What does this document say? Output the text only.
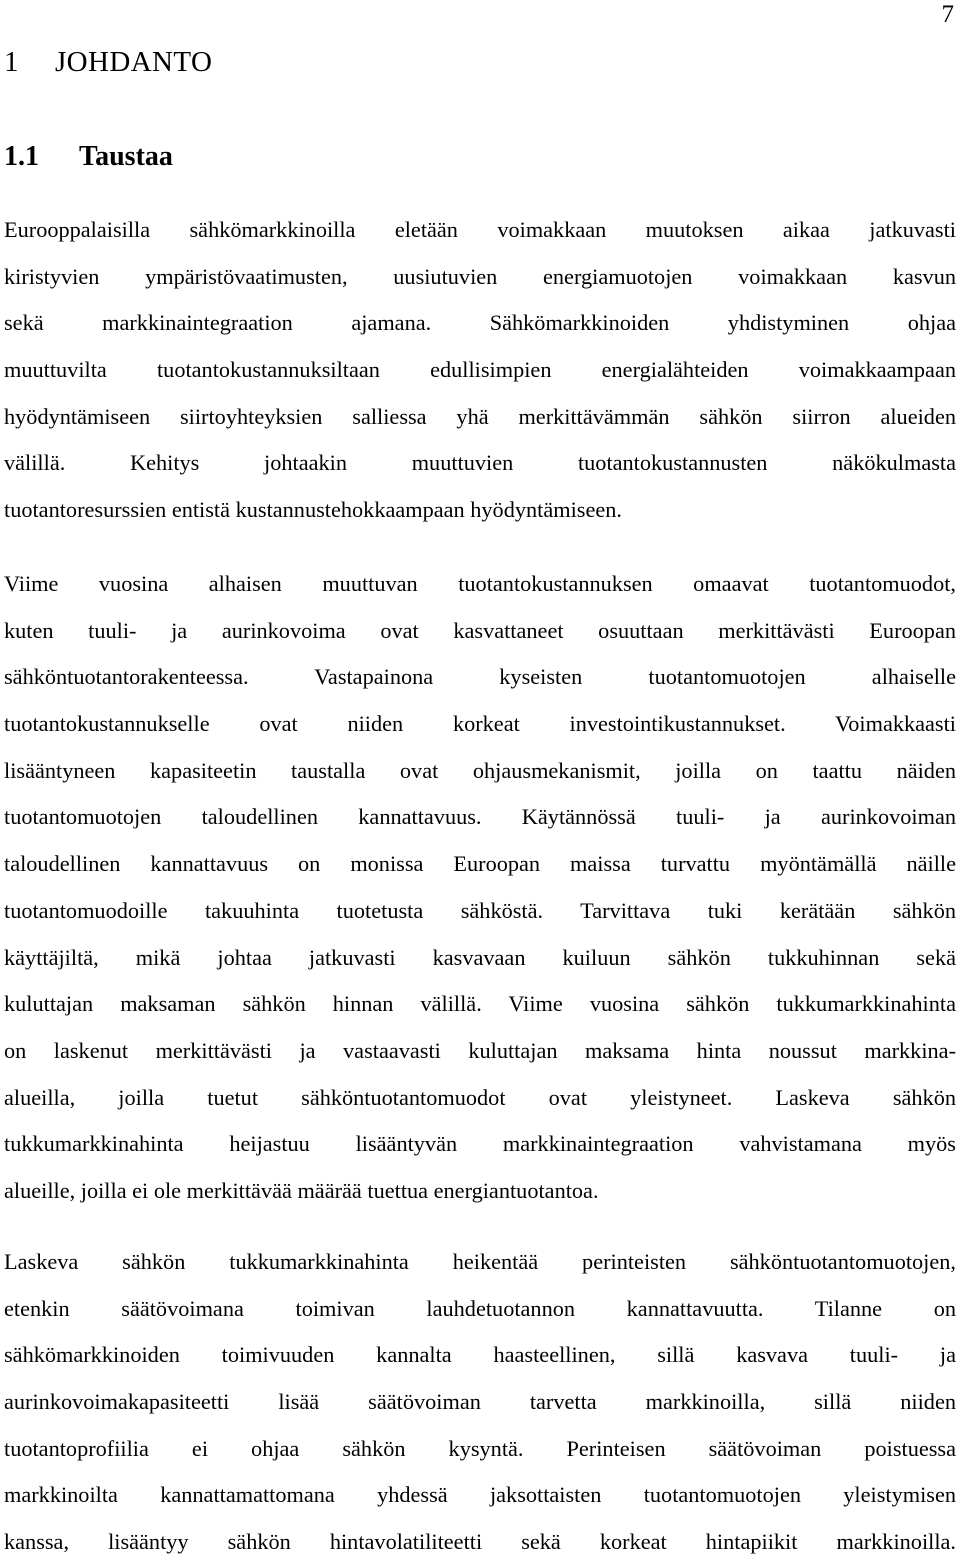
7
1 JOHDANTO
1.1 Taustaa
Eurooppalaisilla sähkömarkkinoilla eletään voimakkaan muutoksen aikaa jatkuvasti
kiristyvien ympäristövaatimusten, uusiutuvien energiamuotojen voimakkaan kasvun
sekä markkinaintegraation ajamana. Sähkömarkkinoiden yhdistyminen ohjaa
muuttuvilta tuotantokustannuksiltaan edullisimpien energialähteiden voimakkaampaan
hyödyntämiseen siirtoyhteyksien salliessa yhä merkittävämmän sähkön siirron alueiden
välillä. Kehitys johtaakin muuttuvien tuotantokustannusten näkökulmasta
tuotantoresurssien entistä kustannustehokkaampaan hyödyntämiseen.
Viime vuosina alhaisen muuttuvan tuotantokustannuksen omaavat tuotantomuodot,
kuten tuuli- ja aurinkovoima ovat kasvattaneet osuuttaan merkittävästi Euroopan
sähköntuotantorakenteessa. Vastapainona kyseisten tuotantomuotojen alhaiselle
tuotantokustannukselle ovat niiden korkeat investointikustannukset. Voimakkaasti
lisääntyneen kapasiteetin taustalla ovat ohjausmekanismit, joilla on taattu näiden
tuotantomuotojen taloudellinen kannattavuus. Käytännössä tuuli- ja aurinkovoiman
taloudellinen kannattavuus on monissa Euroopan maissa turvattu myöntämällä näille
tuotantomuodoille takuuhinta tuotetusta sähköstä. Tarvittava tuki kerätään sähkön
käyttäjiltä, mikä johtaa jatkuvasti kasvavaan kuiluun sähkön tukkuhinnan sekä
kuluttajan maksaman sähkön hinnan välillä. Viime vuosina sähkön tukkumarkkinahinta
on laskenut merkittävästi ja vastaavasti kuluttajan maksama hinta noussut markkina-
alueilla, joilla tuetut sähköntuotantomuodot ovat yleistyneet. Laskeva sähkön
tukkumarkkinahinta heijastuu lisääntyvän markkinaintegraation vahvistamana myös
alueille, joilla ei ole merkittävää määrää tuettua energiantuotantoa.
Laskeva sähkön tukkumarkkinahinta heikentää perinteisten sähköntuotantomuotojen,
etenkin säätövoimana toimivan lauhdetuotannon kannattavuutta. Tilanne on
sähkömarkkinoiden toimivuuden kannalta haasteellinen, sillä kasvava tuuli- ja
aurinkovoimakapasiteetti lisää säätövoiman tarvetta markkinoilla, sillä niiden
tuotantoprofiilia ei ohjaa sähkön kysyntä. Perinteisen säätövoiman poistuessa
markkinoilta kannattamattomana yhdessä jaksottaisten tuotantomuotojen yleistymisen
kanssa, lisääntyy sähkön hintavolatiliteetti sekä korkeat hintapiikit markkinoilla.
